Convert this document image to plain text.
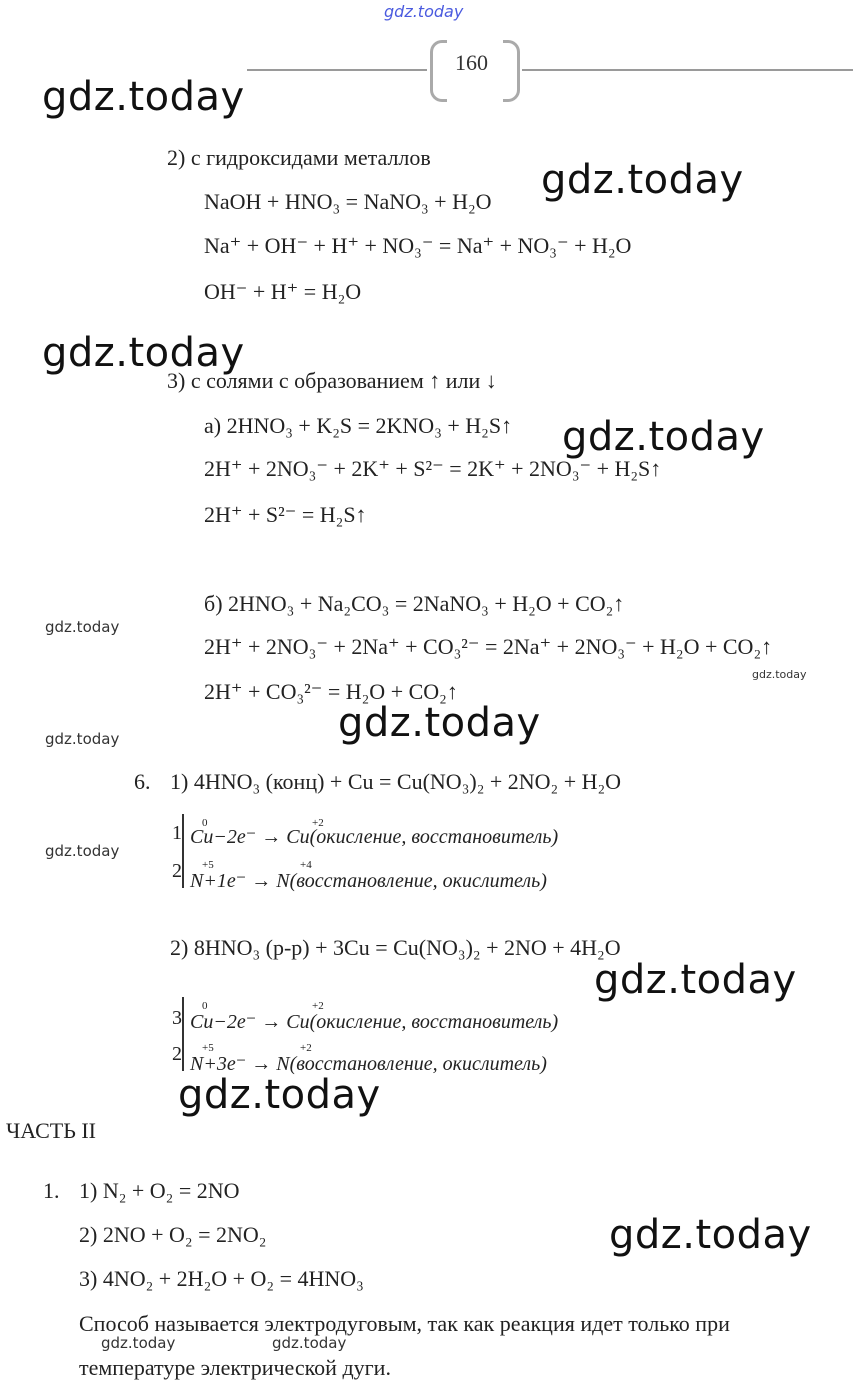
gdz.today
160
gdz.today
gdz.today
gdz.today
gdz.today
gdz.today
gdz.today
gdz.today
gdz.today
gdz.today
gdz.today
gdz.today
gdz.today
gdz.today	gdz.today
2) с гидроксидами металлов
NaOH + HNO₃ = NaNO₃ + H₂O
Na⁺ + OH⁻ + H⁺ + NO₃⁻ = Na⁺ + NO₃⁻ + H₂O
OH⁻ + H⁺ = H₂O
3) с солями с образованием ↑ или ↓
а) 2HNO₃ + K₂S = 2KNO₃ + H₂S↑
2H⁺ + 2NO₃⁻ + 2K⁺ + S²⁻ = 2K⁺ + 2NO₃⁻ + H₂S↑
2H⁺ + S²⁻ = H₂S↑
б) 2HNO₃ + Na₂CO₃ = 2NaNO₃ + H₂O + CO₂↑
2H⁺ + 2NO₃⁻ + 2Na⁺ + CO₃²⁻ = 2Na⁺ + 2NO₃⁻ + H₂O + CO₂↑
2H⁺ + CO₃²⁻ = H₂O + CO₂↑
6. 1) 4HNO₃ (конц) + Cu = Cu(NO₃)₂ + 2NO₂ + H₂O
1
2
0	+2
Cu−2e⁻ → Cu(окисление, восстановитель)
+5	+4
N+1e⁻ → N(восстановление, окислитель)
2) 8HNO₃ (р-р) + 3Cu = Cu(NO₃)₂ + 2NO + 4H₂O
3
2
0	+2
Cu−2e⁻ → Cu(окисление, восстановитель)
+5	+2
N+3e⁻ → N(восстановление, окислитель)
ЧАСТЬ II
1. 1) N₂ + O₂ = 2NO
2) 2NO + O₂ = 2NO₂
3) 4NO₂ + 2H₂O + O₂ = 4HNO₃
Способ называется электродуговым, так как реакция идет только при
температуре электрической дуги.
